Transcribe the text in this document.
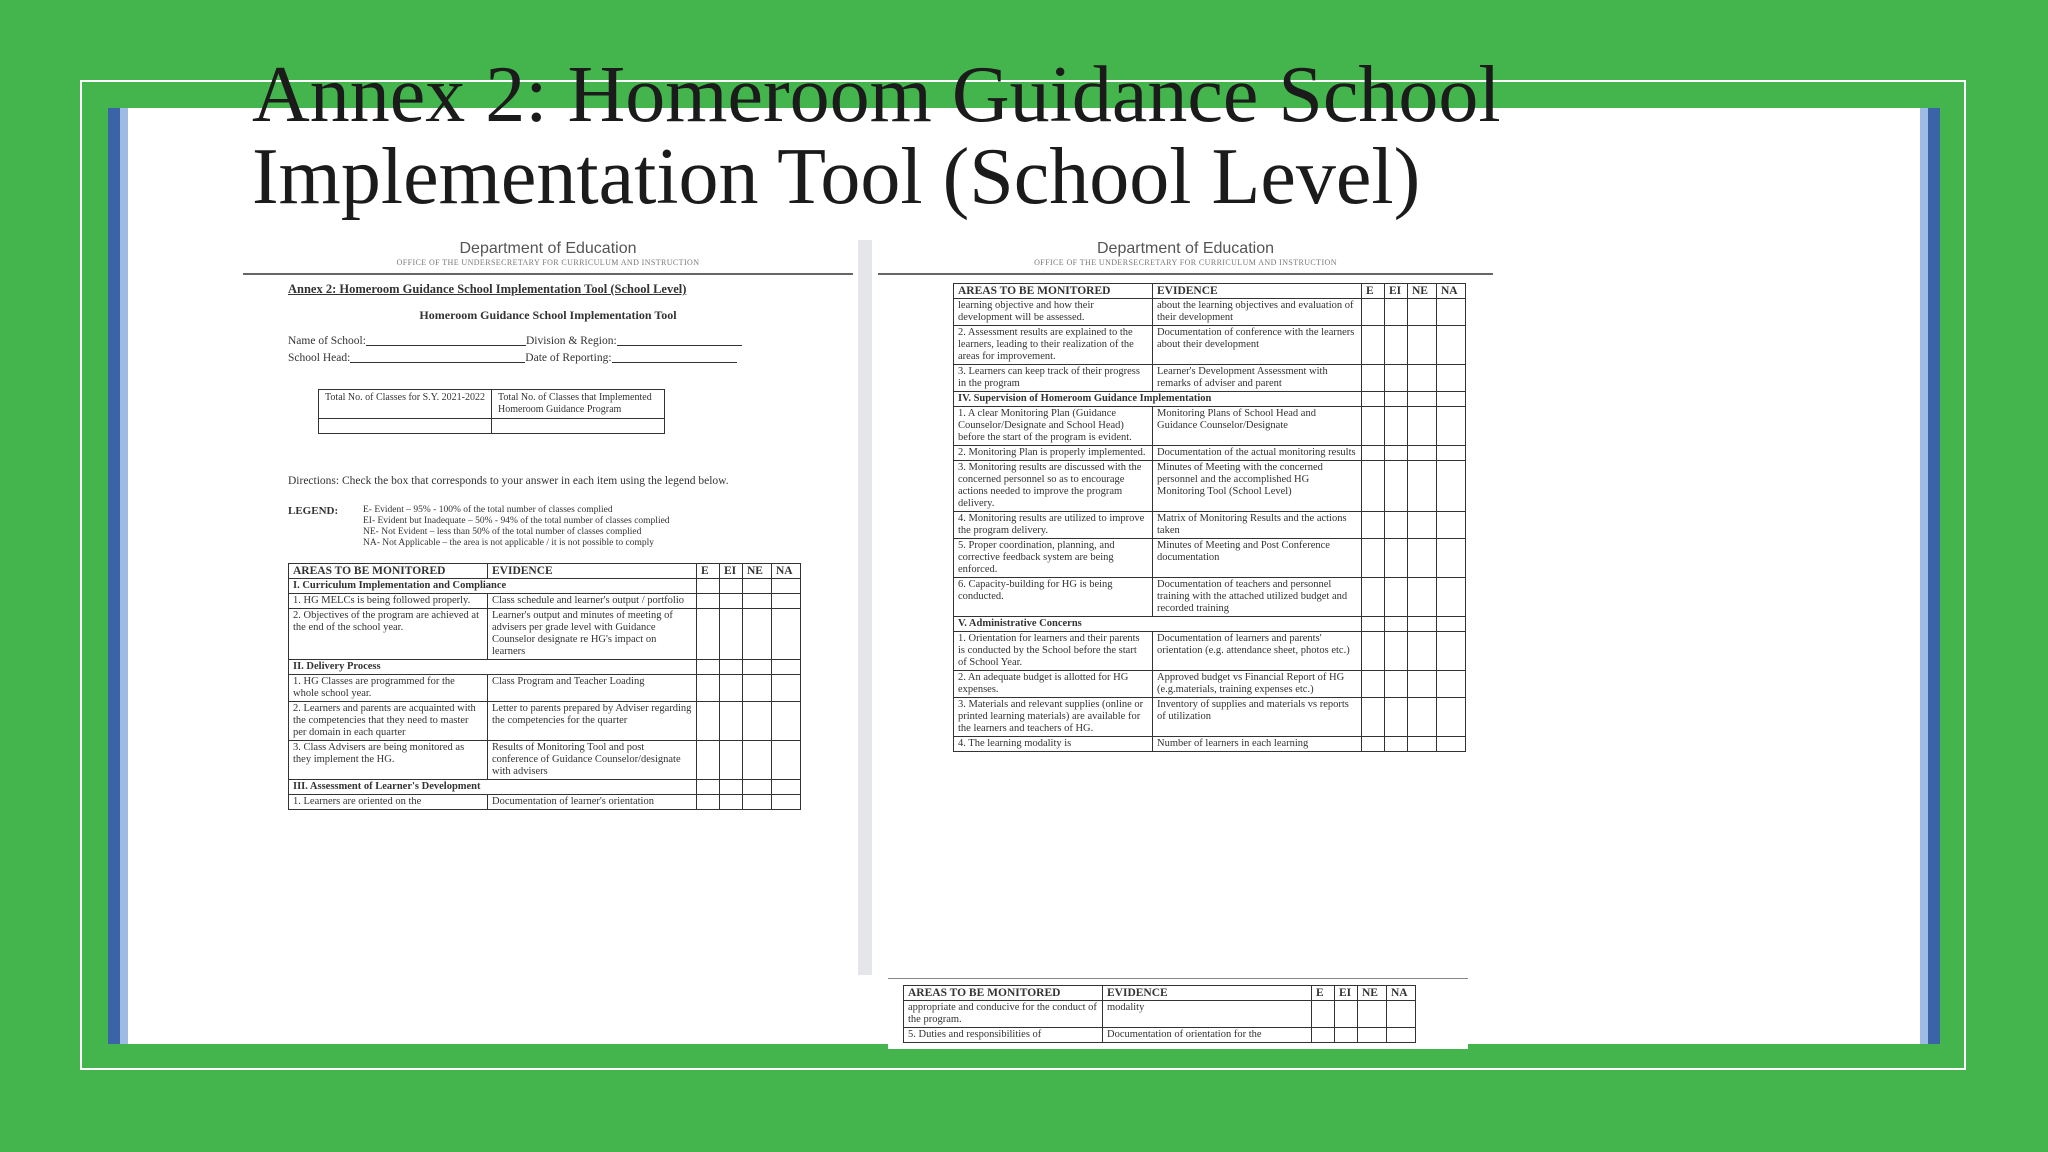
Annex 2: Homeroom Guidance School
Implementation Tool (School Level)
Department of Education
OFFICE OF THE UNDERSECRETARY FOR CURRICULUM AND INSTRUCTION
Annex 2: Homeroom Guidance School Implementation Tool (School Level)
Homeroom Guidance School Implementation Tool
Name of School:	Division & Region:
School Head:	Date of Reporting:
Total No. of Classes for S.Y. 2021-2022	Total No. of Classes that Implemented Homeroom Guidance Program

Directions: Check the box that corresponds to your answer in each item using the legend below.
LEGEND:	E- Evident – 95% - 100% of the total number of classes complied
EI- Evident but Inadequate – 50% - 94% of the total number of classes complied
NE- Not Evident – less than 50% of the total number of classes complied
NA- Not Applicable – the area is not applicable / it is not possible to comply
AREAS TO BE MONITORED	EVIDENCE	E	EI	NE	NA
I. Curriculum Implementation and Compliance					
1. HG MELCs is being followed properly.	Class schedule and learner's output / portfolio				
2. Objectives of the program are achieved at the end of the school year.	Learner's output and minutes of meeting of advisers per grade level with Guidance Counselor designate re HG's impact on learners				
II. Delivery Process					
1. HG Classes are programmed for the whole school year.	Class Program and Teacher Loading				
2. Learners and parents are acquainted with the competencies that they need to master per domain in each quarter	Letter to parents prepared by Adviser regarding the competencies for the quarter				
3. Class Advisers are being monitored as they implement the HG.	Results of Monitoring Tool and post conference of Guidance Counselor/designate with advisers				
III. Assessment of Learner's Development					
1. Learners are oriented on the	Documentation of learner's orientation				
Department of Education
OFFICE OF THE UNDERSECRETARY FOR CURRICULUM AND INSTRUCTION
AREAS TO BE MONITORED	EVIDENCE	E	EI	NE	NA
learning objective and how their development will be assessed.	about the learning objectives and evaluation of their development				
2. Assessment results are explained to the learners, leading to their realization of the areas for improvement.	Documentation of conference with the learners about their development				
3. Learners can keep track of their progress in the program	Learner's Development Assessment with remarks of adviser and parent				
IV. Supervision of Homeroom Guidance Implementation					
1. A clear Monitoring Plan (Guidance Counselor/Designate and School Head) before the start of the program is evident.	Monitoring Plans of School Head and Guidance Counselor/Designate				
2. Monitoring Plan is properly implemented.	Documentation of the actual monitoring results				
3. Monitoring results are discussed with the concerned personnel so as to encourage actions needed to improve the program delivery.	Minutes of Meeting with the concerned personnel and the accomplished HG Monitoring Tool (School Level)				
4. Monitoring results are utilized to improve the program delivery.	Matrix of Monitoring Results and the actions taken				
5. Proper coordination, planning, and corrective feedback system are being enforced.	Minutes of Meeting and Post Conference documentation				
6. Capacity-building for HG is being conducted.	Documentation of teachers and personnel training with the attached utilized budget and recorded training				
V. Administrative Concerns					
1. Orientation for learners and their parents is conducted by the School before the start of School Year.	Documentation of learners and parents' orientation (e.g. attendance sheet, photos etc.)				
2. An adequate budget is allotted for HG expenses.	Approved budget vs Financial Report of HG (e.g.materials, training expenses etc.)				
3. Materials and relevant supplies (online or printed learning materials) are available for the learners and teachers of HG.	Inventory of supplies and materials vs reports of utilization				
4. The learning modality is	Number of learners in each learning				
AREAS TO BE MONITORED	EVIDENCE	E	EI	NE	NA
appropriate and conducive for the conduct of the program.	modality				
5. Duties and responsibilities of	Documentation of orientation for the				
